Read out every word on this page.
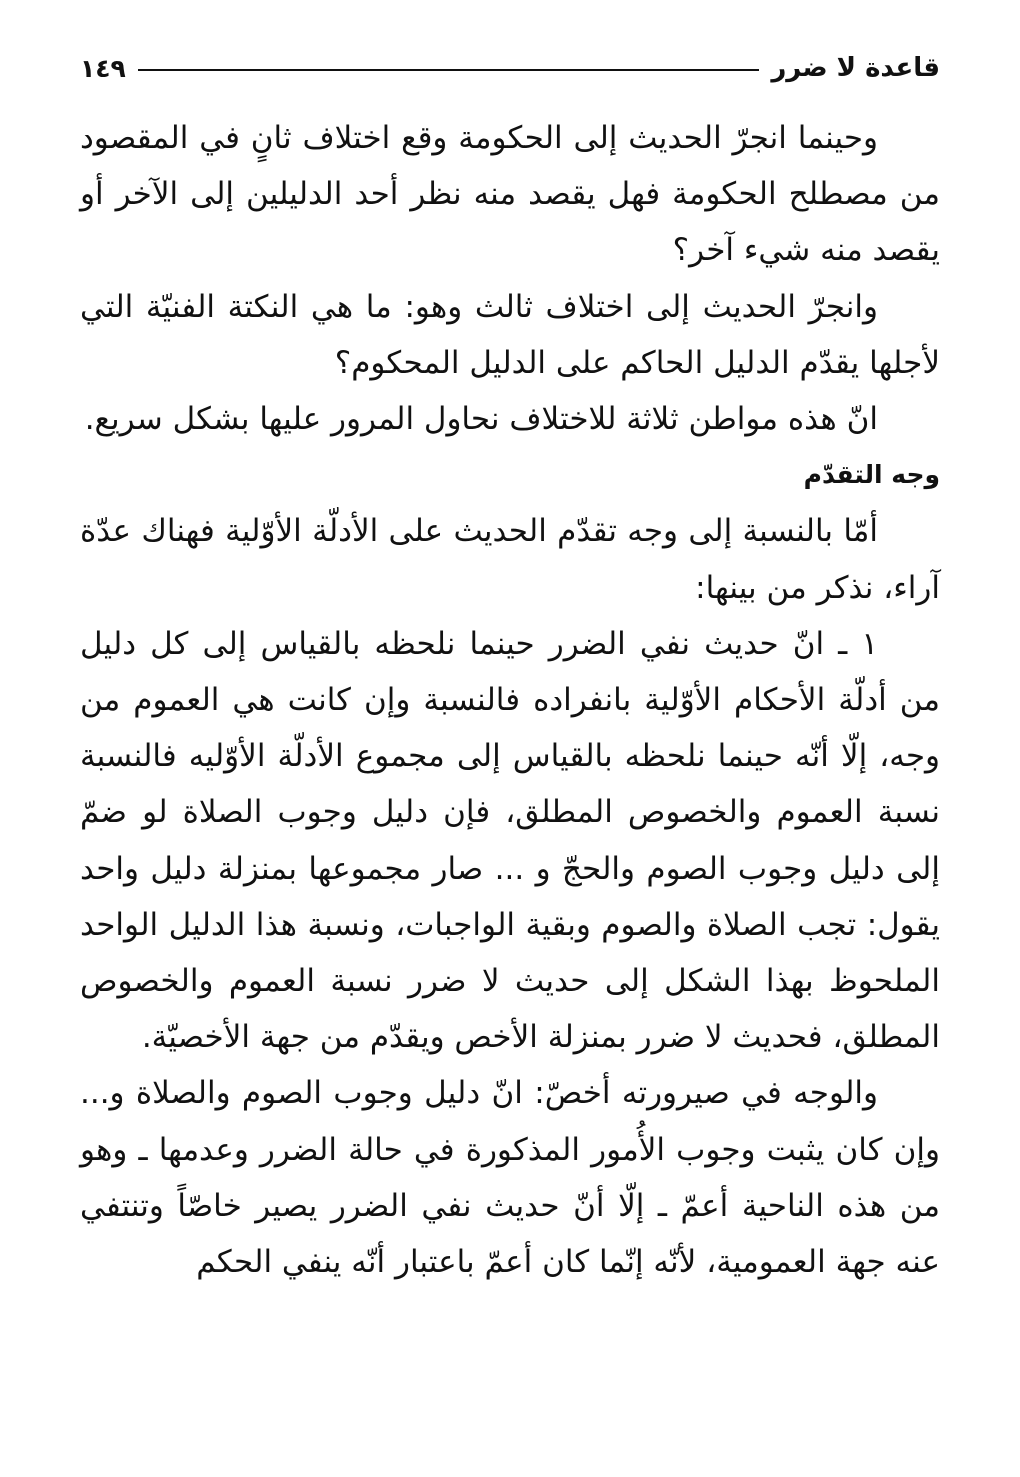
قاعدة لا ضرر
١٤٩

وحينما انجرّ الحديث إلى الحكومة وقع اختلاف ثانٍ في المقصود من مصطلح الحكومة فهل يقصد منه نظر أحد الدليلين إلى الآخر أو يقصد منه شيء آخر؟

وانجرّ الحديث إلى اختلاف ثالث وهو: ما هي النكتة الفنيّة التي لأجلها يقدّم الدليل الحاكم على الدليل المحكوم؟

انّ هذه مواطن ثلاثة للاختلاف نحاول المرور عليها بشكل سريع.

وجه التقدّم

أمّا بالنسبة إلى وجه تقدّم الحديث على الأدلّة الأوّلية فهناك عدّة آراء، نذكر من بينها:

١ ـ انّ حديث نفي الضرر حينما نلحظه بالقياس إلى كل دليل من أدلّة الأحكام الأوّلية بانفراده فالنسبة وإن كانت هي العموم من وجه، إلّا أنّه حينما نلحظه بالقياس إلى مجموع الأدلّة الأوّليه فالنسبة نسبة العموم والخصوص المطلق، فإن دليل وجوب الصلاة لو ضمّ إلى دليل وجوب الصوم والحجّ و ... صار مجموعها بمنزلة دليل واحد يقول: تجب الصلاة والصوم وبقية الواجبات، ونسبة هذا الدليل الواحد الملحوظ بهذا الشكل إلى حديث لا ضرر نسبة العموم والخصوص المطلق، فحديث لا ضرر بمنزلة الأخص ويقدّم من جهة الأخصيّة.

والوجه في صيرورته أخصّ: انّ دليل وجوب الصوم والصلاة و... وإن كان يثبت وجوب الأُمور المذكورة في حالة الضرر وعدمها ـ وهو من هذه الناحية أعمّ ـ إلّا أنّ حديث نفي الضرر يصير خاصّاً وتنتفي عنه جهة العمومية، لأنّه إنّما كان أعمّ باعتبار أنّه ينفي الحكم
